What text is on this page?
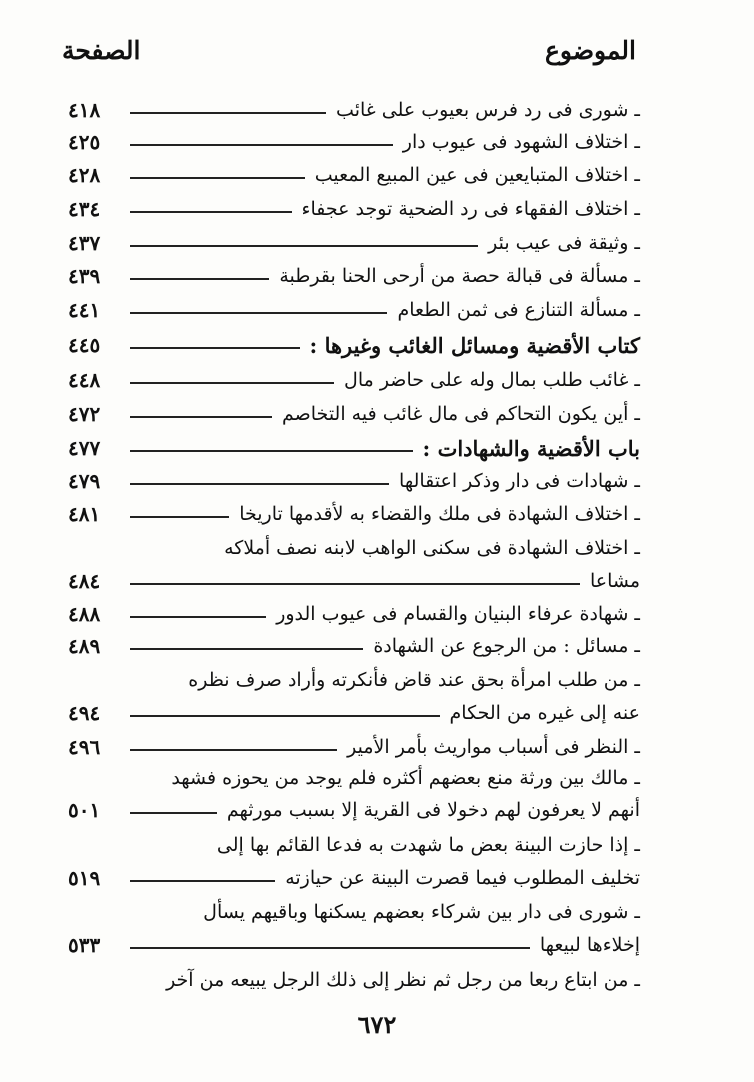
الموضوع
الصفحة
ـ شورى فى رد فرس بعيوب على غائب
٤١٨
ـ اختلاف الشهود فى عيوب دار
٤٢٥
ـ اختلاف المتبايعين فى عين المبيع المعيب
٤٢٨
ـ اختلاف الفقهاء فى رد الضحية توجد عجفاء
٤٣٤
ـ وثيقة فى عيب بئر
٤٣٧
ـ مسألة فى قبالة حصة من أرحى الحنا بقرطبة
٤٣٩
ـ مسألة التنازع فى ثمن الطعام
٤٤١
كتاب الأقضية ومسائل الغائب وغيرها :
٤٤٥
ـ غائب طلب بمال وله على حاضر مال
٤٤٨
ـ أين يكون التحاكم فى مال غائب فيه التخاصم
٤٧٢
باب الأقضية والشهادات :
٤٧٧
ـ شهادات فى دار وذكر اعتقالها
٤٧٩
ـ اختلاف الشهادة فى ملك والقضاء به لأقدمها تاريخا
٤٨١
ـ اختلاف الشهادة فى سكنى الواهب لابنه نصف أملاكه
مشاعا
٤٨٤
ـ شهادة عرفاء البنيان والقسام فى عيوب الدور
٤٨٨
ـ مسائل : من الرجوع عن الشهادة
٤٨٩
ـ من طلب امرأة بحق عند قاض فأنكرته وأراد صرف نظره
عنه إلى غيره من الحكام
٤٩٤
ـ النظر فى أسباب مواريث بأمر الأمير
٤٩٦
ـ مالك بين ورثة منع بعضهم أكثره فلم يوجد من يحوزه فشهد
أنهم لا يعرفون لهم دخولا فى القرية إلا بسبب مورثهم
٥٠١
ـ إذا حازت البينة بعض ما شهدت به فدعا القائم بها إلى
تخليف المطلوب فيما قصرت البينة عن حيازته
٥١٩
ـ شورى فى دار بين شركاء بعضهم يسكنها وباقيهم يسأل
إخلاءها لبيعها
٥٣٣
ـ من ابتاع ربعا من رجل ثم نظر إلى ذلك الرجل يبيعه من آخر
٦٧٢
